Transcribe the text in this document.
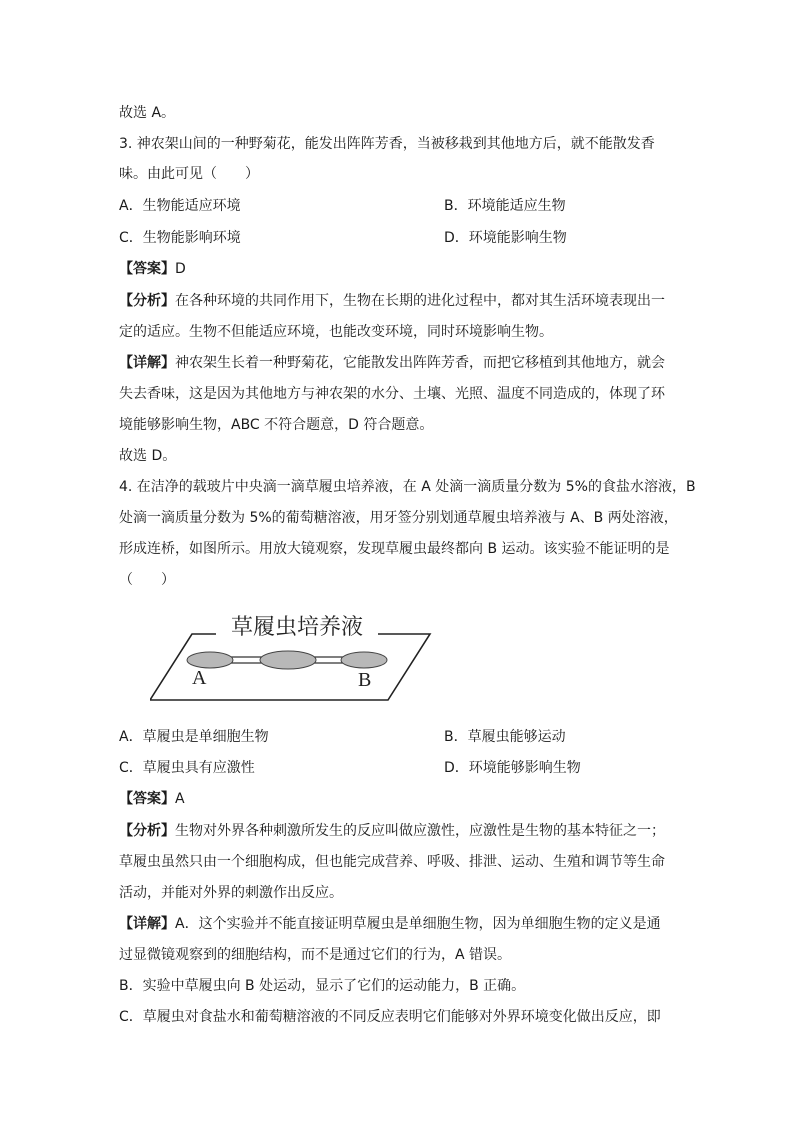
故选 A。
3. 神农架山间的一种野菊花，能发出阵阵芳香，当被移栽到其他地方后，就不能散发香
味。由此可见（　　）
A．生物能适应环境	B．环境能适应生物
C．生物能影响环境	D．环境能影响生物
【答案】D
【分析】在各种环境的共同作用下，生物在长期的进化过程中，都对其生活环境表现出一
定的适应。生物不但能适应环境，也能改变环境，同时环境影响生物。
【详解】神农架生长着一种野菊花，它能散发出阵阵芳香，而把它移植到其他地方，就会
失去香味，这是因为其他地方与神农架的水分、土壤、光照、温度不同造成的，体现了环
境能够影响生物，ABC 不符合题意，D 符合题意。
故选 D。
4. 在洁净的载玻片中央滴一滴草履虫培养液，在 A 处滴一滴质量分数为 5%的食盐水溶液，B
处滴一滴质量分数为 5%的葡萄糖溶液，用牙签分别划通草履虫培养液与 A、B 两处溶液，
形成连桥，如图所示。用放大镜观察，发现草履虫最终都向 B 运动。该实验不能证明的是
（　　）
草履虫培养液
A	B
A．草履虫是单细胞生物	B．草履虫能够运动
C．草履虫具有应激性	D．环境能够影响生物
【答案】A
【分析】生物对外界各种刺激所发生的反应叫做应激性，应激性是生物的基本特征之一；
草履虫虽然只由一个细胞构成，但也能完成营养、呼吸、排泄、运动、生殖和调节等生命
活动，并能对外界的刺激作出反应。
【详解】A．这个实验并不能直接证明草履虫是单细胞生物，因为单细胞生物的定义是通
过显微镜观察到的细胞结构，而不是通过它们的行为，A 错误。
B．实验中草履虫向 B 处运动，显示了它们的运动能力，B 正确。
C．草履虫对食盐水和葡萄糖溶液的不同反应表明它们能够对外界环境变化做出反应，即
